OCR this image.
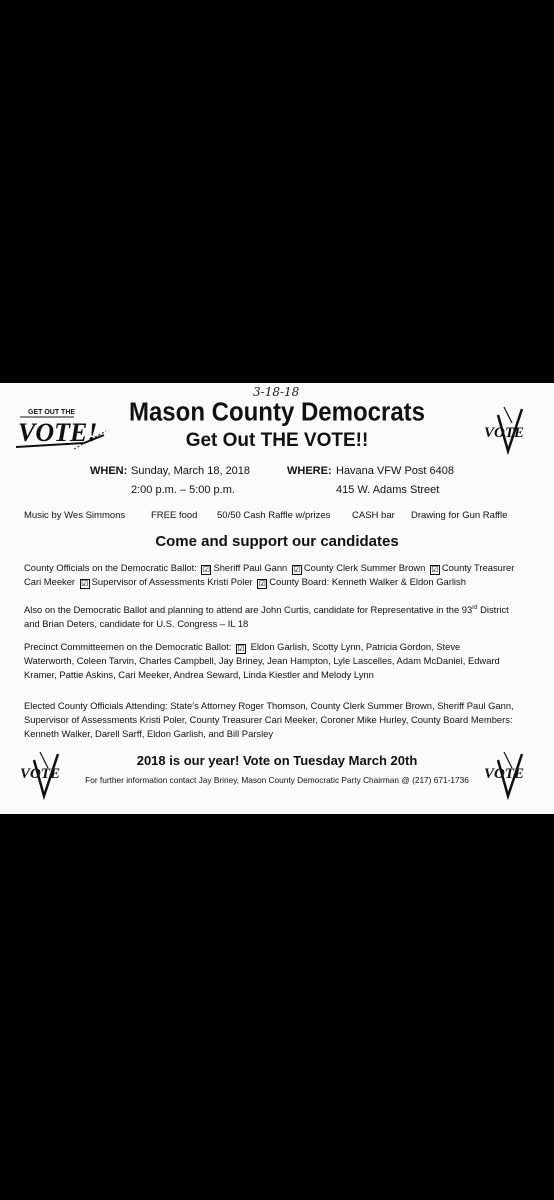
3-18-18
GET OUT THE
VOTE!	VOTE
Mason County Democrats
Get Out THE VOTE!!
WHEN: Sunday, March 18, 2018
2:00 p.m. – 5:00 p.m.
WHERE: Havana VFW Post 6408
415 W. Adams Street
Music by Wes Simmons	FREE food 50/50 Cash Raffle w/prizes CASH bar Drawing for Gun Raffle
Come and support our candidates
County Officials on the Democratic Ballot: ☑ Sheriff Paul Gann ☑ County Clerk Summer Brown ☑ County Treasurer
Cari Meeker ☑ Supervisor of Assessments Kristi Poler ☑ County Board: Kenneth Walker & Eldon Garlish
Also on the Democratic Ballot and planning to attend are John Curtis, candidate for Representative in the 93rd District
and Brian Deters, candidate for U.S. Congress – IL 18
Precinct Committeemen on the Democratic Ballot: ☑ Eldon Garlish, Scotty Lynn, Patricia Gordon, Steve
Waterworth, Coleen Tarvin, Charles Campbell, Jay Briney, Jean Hampton, Lyle Lascelles, Adam McDaniel, Edward
Kramer, Pattie Askins, Cari Meeker, Andrea Seward, Linda Kiestler and Melody Lynn
Elected County Officials Attending: State’s Attorney Roger Thomson, County Clerk Summer Brown, Sheriff Paul Gann,
Supervisor of Assessments Kristi Poler, County Treasurer Cari Meeker, Coroner Mike Hurley, County Board Members:
Kenneth Walker, Darell Sarff, Eldon Garlish, and Bill Parsley
VOTE	VOTE
2018 is our year! Vote on Tuesday March 20th
For further information contact Jay Briney, Mason County Democratic Party Chairman @ (217) 671-1736
